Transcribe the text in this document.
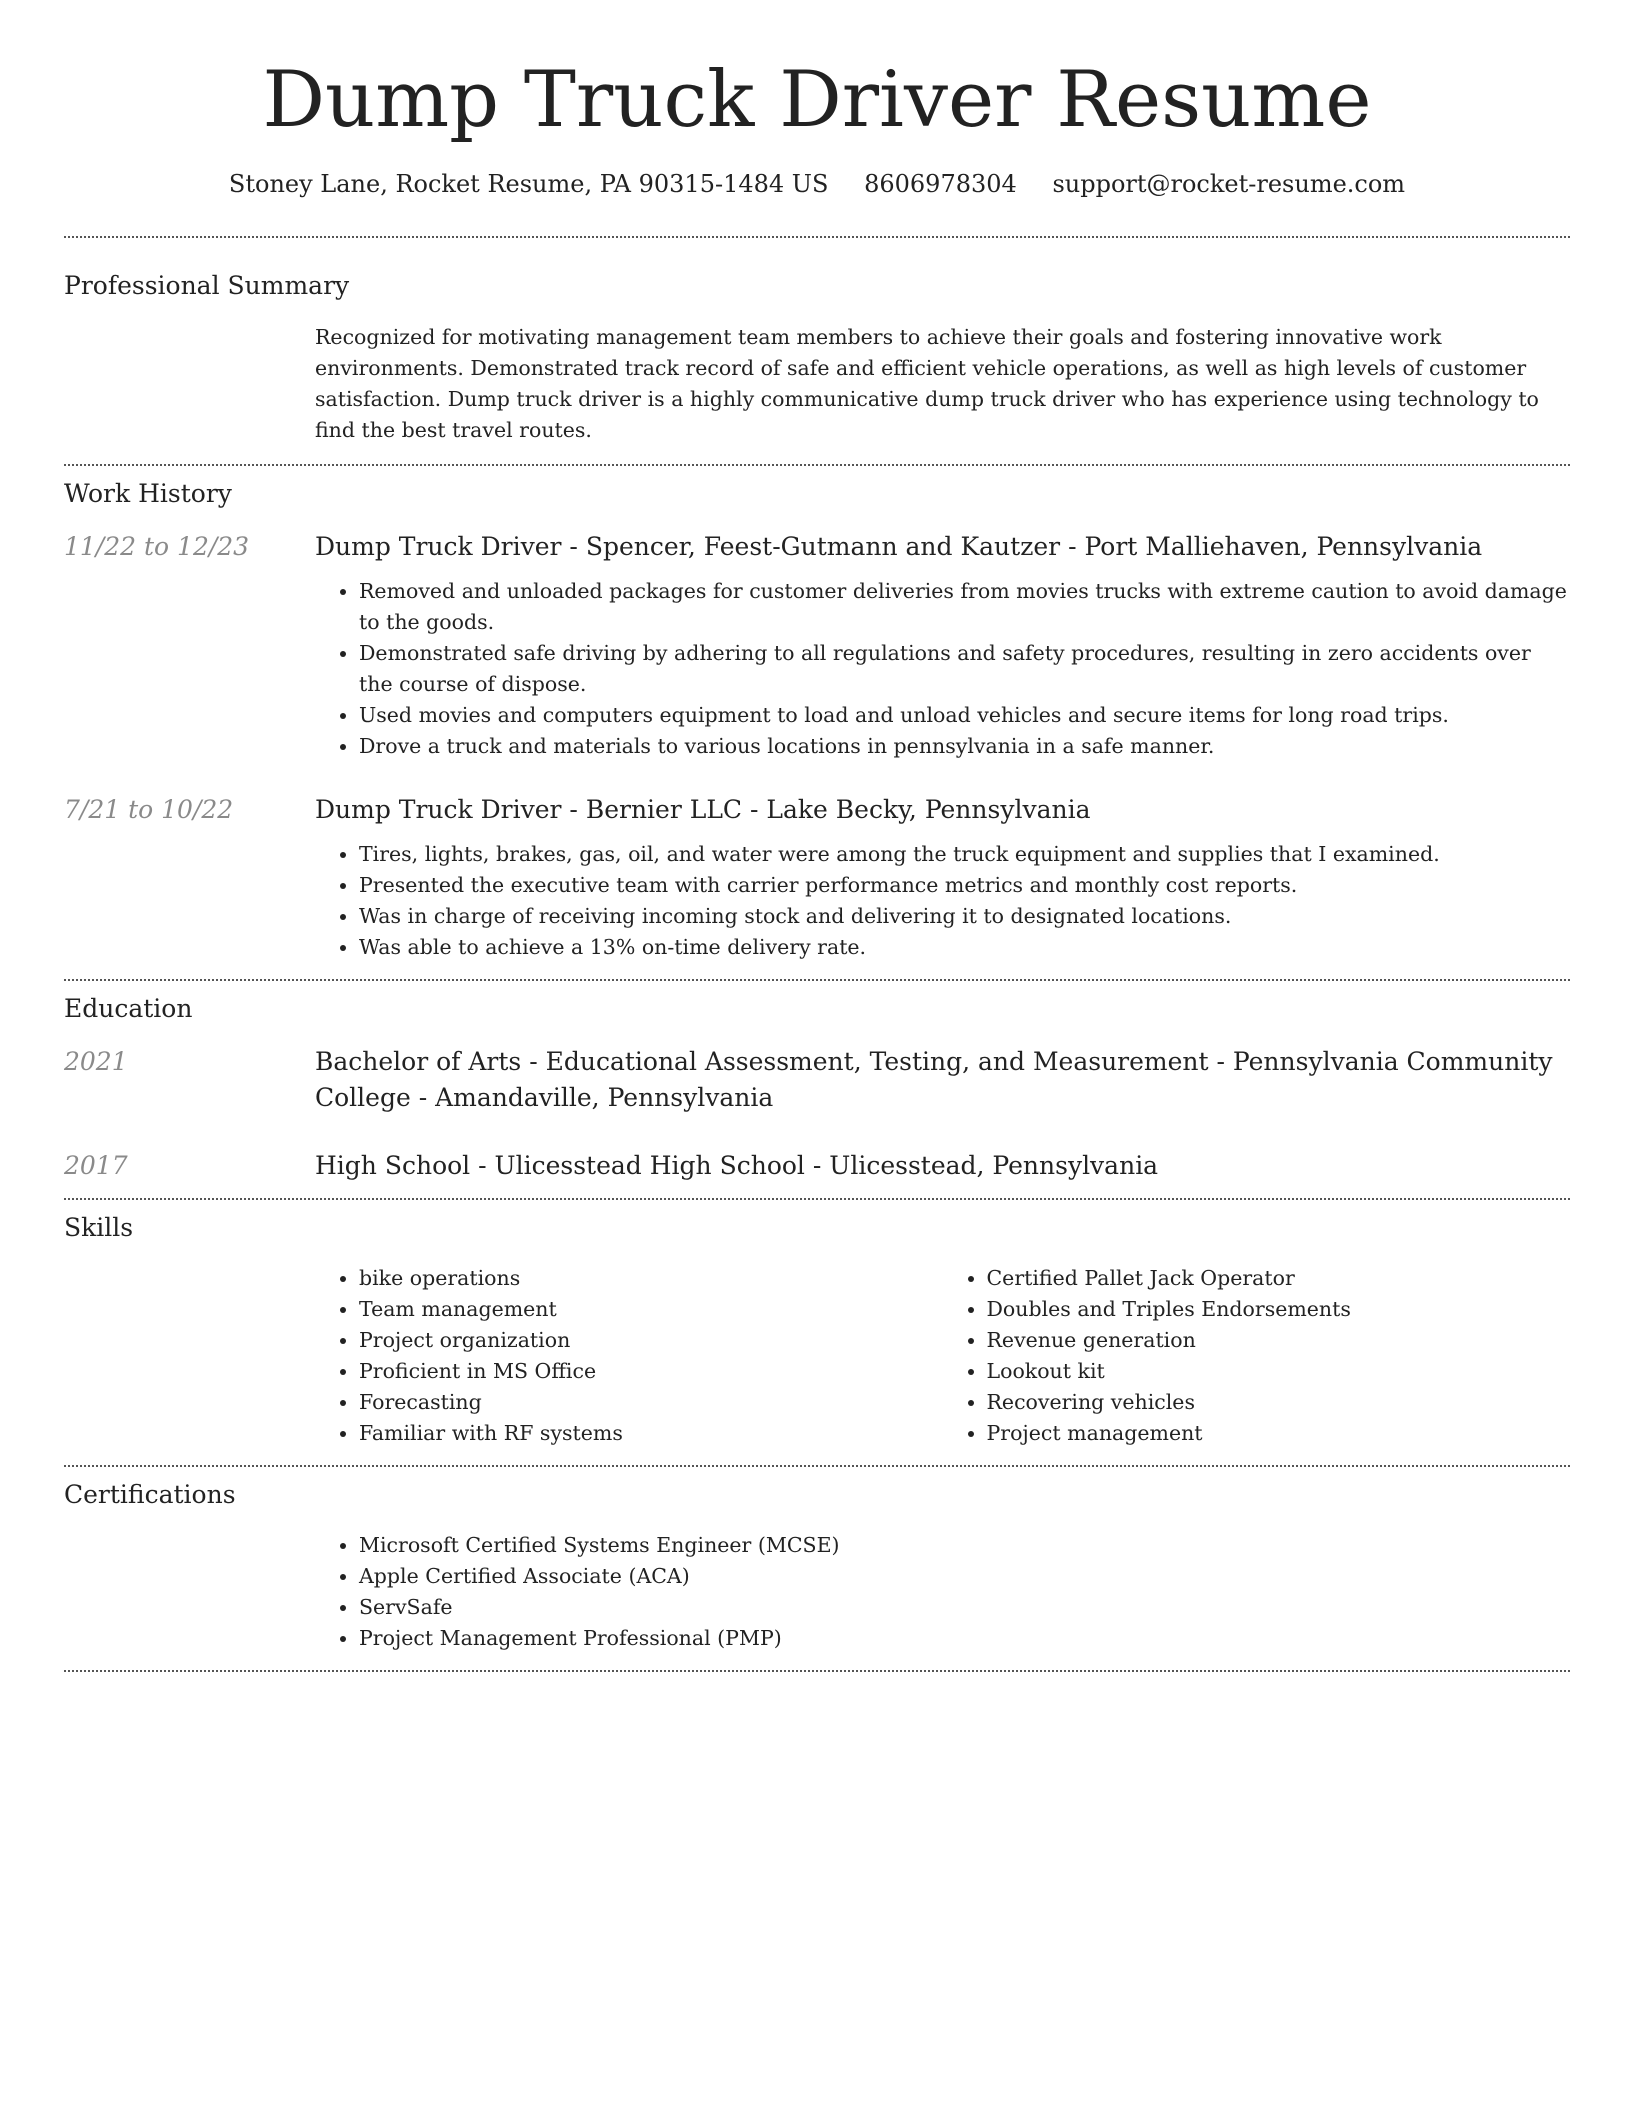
Dump Truck Driver Resume
Stoney Lane, Rocket Resume, PA 90315-1484 US 8606978304 support@rocket-resume.com
Professional Summary
Recognized for motivating management team members to achieve their goals and fostering innovative work environments. Demonstrated track record of safe and efficient vehicle operations, as well as high levels of customer satisfaction. Dump truck driver is a highly communicative dump truck driver who has experience using technology to find the best travel routes.
Work History
11/22 to 12/23	Dump Truck Driver - Spencer, Feest-Gutmann and Kautzer - Port Malliehaven, Pennsylvania
• Removed and unloaded packages for customer deliveries from movies trucks with extreme caution to avoid damage to the goods.
• Demonstrated safe driving by adhering to all regulations and safety procedures, resulting in zero accidents over the course of dispose.
• Used movies and computers equipment to load and unload vehicles and secure items for long road trips.
• Drove a truck and materials to various locations in pennsylvania in a safe manner.
7/21 to 10/22	Dump Truck Driver - Bernier LLC - Lake Becky, Pennsylvania
• Tires, lights, brakes, gas, oil, and water were among the truck equipment and supplies that I examined.
• Presented the executive team with carrier performance metrics and monthly cost reports.
• Was in charge of receiving incoming stock and delivering it to designated locations.
• Was able to achieve a 13% on-time delivery rate.
Education
2021	Bachelor of Arts - Educational Assessment, Testing, and Measurement - Pennsylvania Community College - Amandaville, Pennsylvania
2017	High School - Ulicesstead High School - Ulicesstead, Pennsylvania
Skills
• bike operations
• Team management
• Project organization
• Proficient in MS Office
• Forecasting
• Familiar with RF systems
• Certified Pallet Jack Operator
• Doubles and Triples Endorsements
• Revenue generation
• Lookout kit
• Recovering vehicles
• Project management
Certifications
• Microsoft Certified Systems Engineer (MCSE)
• Apple Certified Associate (ACA)
• ServSafe
• Project Management Professional (PMP)
